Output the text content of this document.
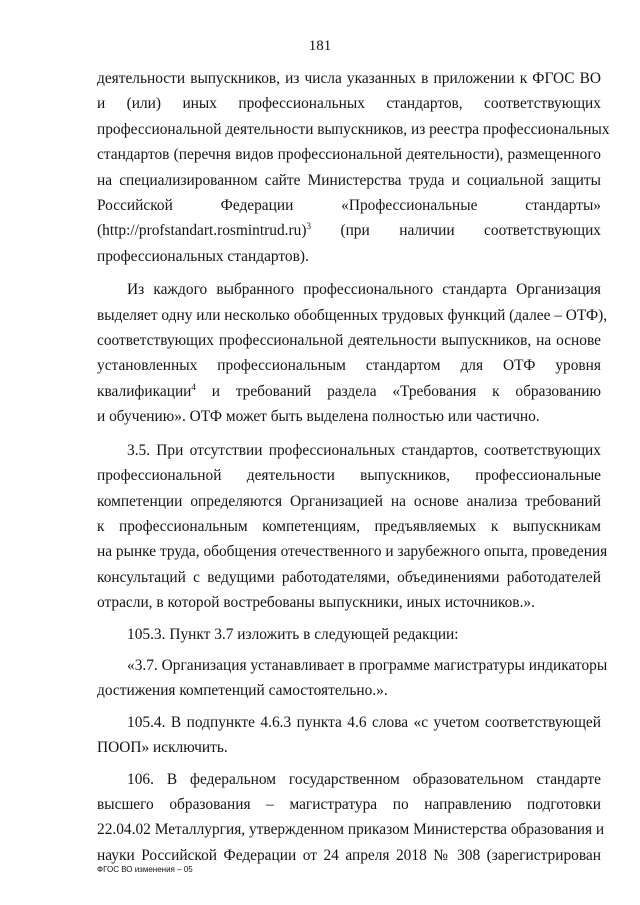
181

деятельности выпускников, из числа указанных в приложении к ФГОС ВО
и (или) иных профессиональных стандартов, соответствующих
профессиональной деятельности выпускников, из реестра профессиональных
стандартов (перечня видов профессиональной деятельности), размещенного
на специализированном сайте Министерства труда и социальной защиты
Российской Федерации «Профессиональные стандарты»
(http://profstandart.rosmintrud.ru)$^3$ (при наличии соответствующих
профессиональных стандартов).

Из каждого выбранного профессионального стандарта Организация
выделяет одну или несколько обобщенных трудовых функций (далее – ОТФ),
соответствующих профессиональной деятельности выпускников, на основе
установленных профессиональным стандартом для ОТФ уровня
квалификации$^4$ и требований раздела «Требования к образованию
и обучению». ОТФ может быть выделена полностью или частично.

3.5. При отсутствии профессиональных стандартов, соответствующих
профессиональной деятельности выпускников, профессиональные
компетенции определяются Организацией на основе анализа требований
к профессиональным компетенциям, предъявляемых к выпускникам
на рынке труда, обобщения отечественного и зарубежного опыта, проведения
консультаций с ведущими работодателями, объединениями работодателей
отрасли, в которой востребованы выпускники, иных источников.».

105.3. Пункт 3.7 изложить в следующей редакции:

«3.7. Организация устанавливает в программе магистратуры индикаторы
достижения компетенций самостоятельно.».

105.4. В подпункте 4.6.3 пункта 4.6 слова «с учетом соответствующей
ПООП» исключить.

106. В федеральном государственном образовательном стандарте
высшего образования – магистратура по направлению подготовки
22.04.02 Металлургия, утвержденном приказом Министерства образования и
науки Российской Федерации от 24 апреля 2018 № 308 (зарегистрирован

ФГОС ВО изменения – 05
